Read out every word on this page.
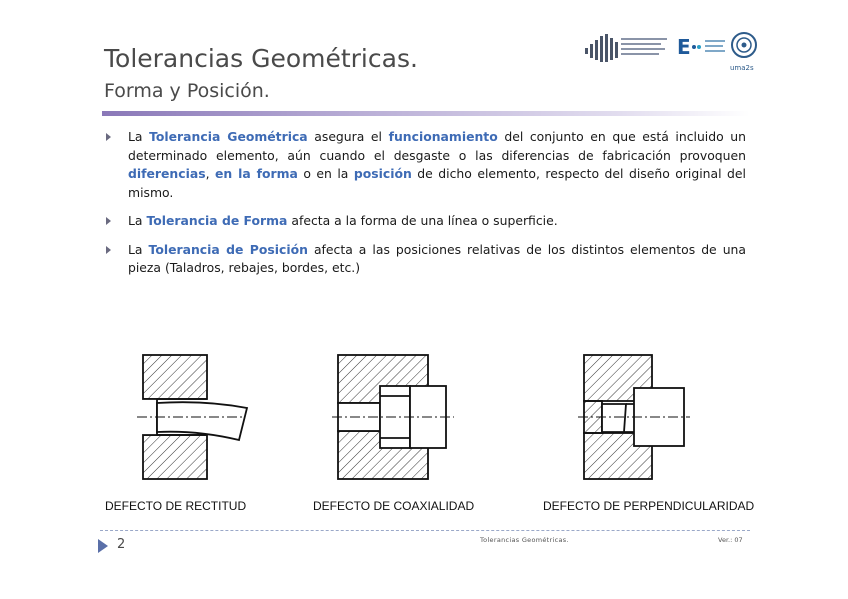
Tolerancias Geométricas.
Forma y Posición.
E
uma2s
La Tolerancia Geométrica asegura el funcionamiento del conjunto en que está incluido un determinado elemento, aún cuando el desgaste o las diferencias de fabricación provoquen diferencias, en la forma o en la posición de dicho elemento, respecto del diseño original del mismo.
La Tolerancia de Forma afecta a la forma de una línea o superficie.
La Tolerancia de Posición afecta a las posiciones relativas de los distintos elementos de una pieza (Taladros, rebajes, bordes, etc.)
DEFECTO DE RECTITUD	DEFECTO DE COAXIALIDAD	DEFECTO DE PERPENDICULARIDAD
2	Tolerancias Geométricas.	Ver.: 07
